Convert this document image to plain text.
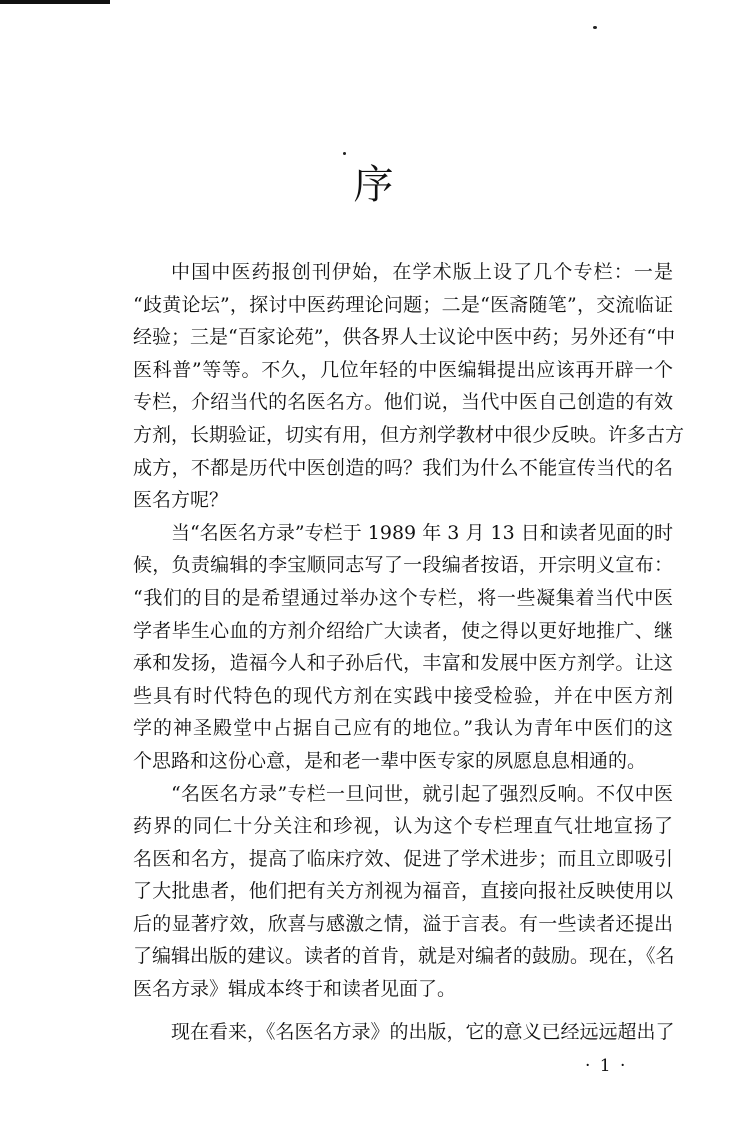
序
中国中医药报创刊伊始，在学术版上设了几个专栏：一是
“歧黄论坛”，探讨中医药理论问题；二是“医斋随笔”，交流临证
经验；三是“百家论苑”，供各界人士议论中医中药；另外还有“中
医科普”等等。不久，几位年轻的中医编辑提出应该再开辟一个
专栏，介绍当代的名医名方。他们说，当代中医自己创造的有效
方剂，长期验证，切实有用，但方剂学教材中很少反映。许多古方
成方，不都是历代中医创造的吗？我们为什么不能宣传当代的名
医名方呢？
当“名医名方录”专栏于 1989 年 3 月 13 日和读者见面的时
候，负责编辑的李宝顺同志写了一段编者按语，开宗明义宣布：
“我们的目的是希望通过举办这个专栏，将一些凝集着当代中医
学者毕生心血的方剂介绍给广大读者，使之得以更好地推广、继
承和发扬，造福今人和子孙后代，丰富和发展中医方剂学。让这
些具有时代特色的现代方剂在实践中接受检验，并在中医方剂
学的神圣殿堂中占据自己应有的地位。”我认为青年中医们的这
个思路和这份心意，是和老一辈中医专家的夙愿息息相通的。
“名医名方录”专栏一旦问世，就引起了强烈反响。不仅中医
药界的同仁十分关注和珍视，认为这个专栏理直气壮地宣扬了
名医和名方，提高了临床疗效、促进了学术进步；而且立即吸引
了大批患者，他们把有关方剂视为福音，直接向报社反映使用以
后的显著疗效，欣喜与感激之情，溢于言表。有一些读者还提出
了编辑出版的建议。读者的首肯，就是对编者的鼓励。现在，《名
医名方录》辑成本终于和读者见面了。
现在看来，《名医名方录》的出版，它的意义已经远远超出了
· 1 ·
